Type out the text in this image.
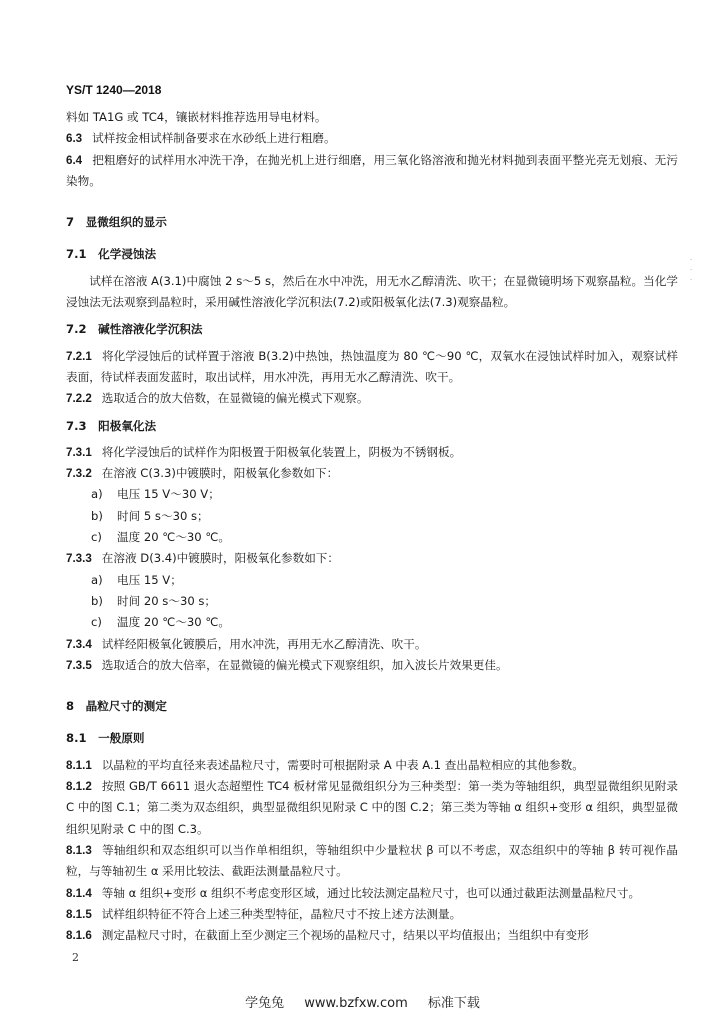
YS/T 1240—2018

料如 TA1G 或 TC4，镶嵌材料推荐选用导电材料。

6.3 试样按金相试样制备要求在水砂纸上进行粗磨。

6.4 把粗磨好的试样用水冲洗干净，在抛光机上进行细磨，用三氧化铬溶液和抛光材料抛到表面平整光亮无划痕、无污染物。

7　显微组织的显示

7.1　化学浸蚀法

试样在溶液 A(3.1)中腐蚀 2 s～5 s，然后在水中冲洗，用无水乙醇清洗、吹干；在显微镜明场下观察晶粒。当化学浸蚀法无法观察到晶粒时，采用碱性溶液化学沉积法(7.2)或阳极氧化法(7.3)观察晶粒。

7.2　碱性溶液化学沉积法

7.2.1 将化学浸蚀后的试样置于溶液 B(3.2)中热蚀，热蚀温度为 80 ℃～90 ℃，双氧水在浸蚀试样时加入，观察试样表面，待试样表面发蓝时，取出试样，用水冲洗，再用无水乙醇清洗、吹干。

7.2.2 选取适合的放大倍数，在显微镜的偏光模式下观察。

7.3　阳极氧化法

7.3.1 将化学浸蚀后的试样作为阳极置于阳极氧化装置上，阴极为不锈钢板。

7.3.2 在溶液 C(3.3)中镀膜时，阳极氧化参数如下：

a) 电压 15 V～30 V；
b) 时间 5 s～30 s；
c) 温度 20 ℃～30 ℃。

7.3.3 在溶液 D(3.4)中镀膜时，阳极氧化参数如下：

a) 电压 15 V；
b) 时间 20 s～30 s；
c) 温度 20 ℃～30 ℃。

7.3.4 试样经阳极氧化镀膜后，用水冲洗，再用无水乙醇清洗、吹干。

7.3.5 选取适合的放大倍率，在显微镜的偏光模式下观察组织，加入波长片效果更佳。

8　晶粒尺寸的测定

8.1　一般原则

8.1.1 以晶粒的平均直径来表述晶粒尺寸，需要时可根据附录 A 中表 A.1 查出晶粒相应的其他参数。

8.1.2 按照 GB/T 6611 退火态超塑性 TC4 板材常见显微组织分为三种类型：第一类为等轴组织，典型显微组织见附录 C 中的图 C.1；第二类为双态组织，典型显微组织见附录 C 中的图 C.2；第三类为等轴 α 组织+变形 α 组织，典型显微组织见附录 C 中的图 C.3。

8.1.3 等轴组织和双态组织可以当作单相组织，等轴组织中少量粒状 β 可以不考虑，双态组织中的等轴 β 转可视作晶粒，与等轴初生 α 采用比较法、截距法测量晶粒尺寸。

8.1.4 等轴 α 组织+变形 α 组织不考虑变形区域，通过比较法测定晶粒尺寸，也可以通过截距法测量晶粒尺寸。

8.1.5 试样组织特征不符合上述三种类型特征，晶粒尺寸不按上述方法测量。

8.1.6 测定晶粒尺寸时，在截面上至少测定三个视场的晶粒尺寸，结果以平均值报出；当组织中有变形

·
·
·
2
学兔兔 www.bzfxw.com 标准下载
